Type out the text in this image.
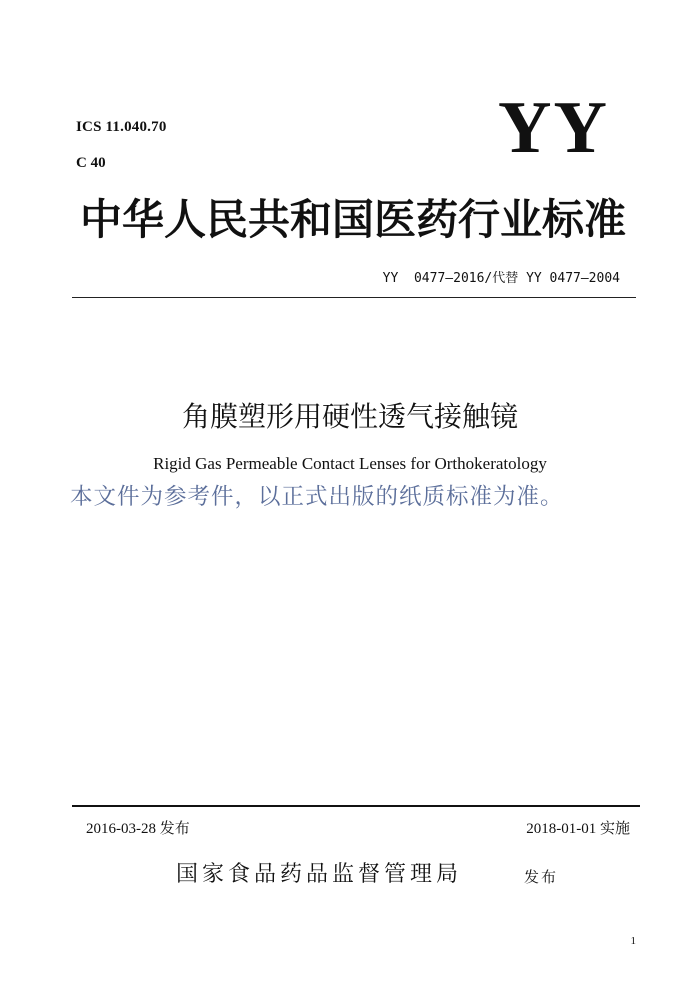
ICS 11.040.70
C 40	YY
中华人民共和国医药行业标准
YY  0477—2016/代替 YY 0477—2004
角膜塑形用硬性透气接触镜
Rigid Gas Permeable Contact Lenses for Orthokeratology
本文件为参考件，以正式出版的纸质标准为准。
2016-03-28 发布	2018-01-01 实施
国家食品药品监督管理局	发布
1
